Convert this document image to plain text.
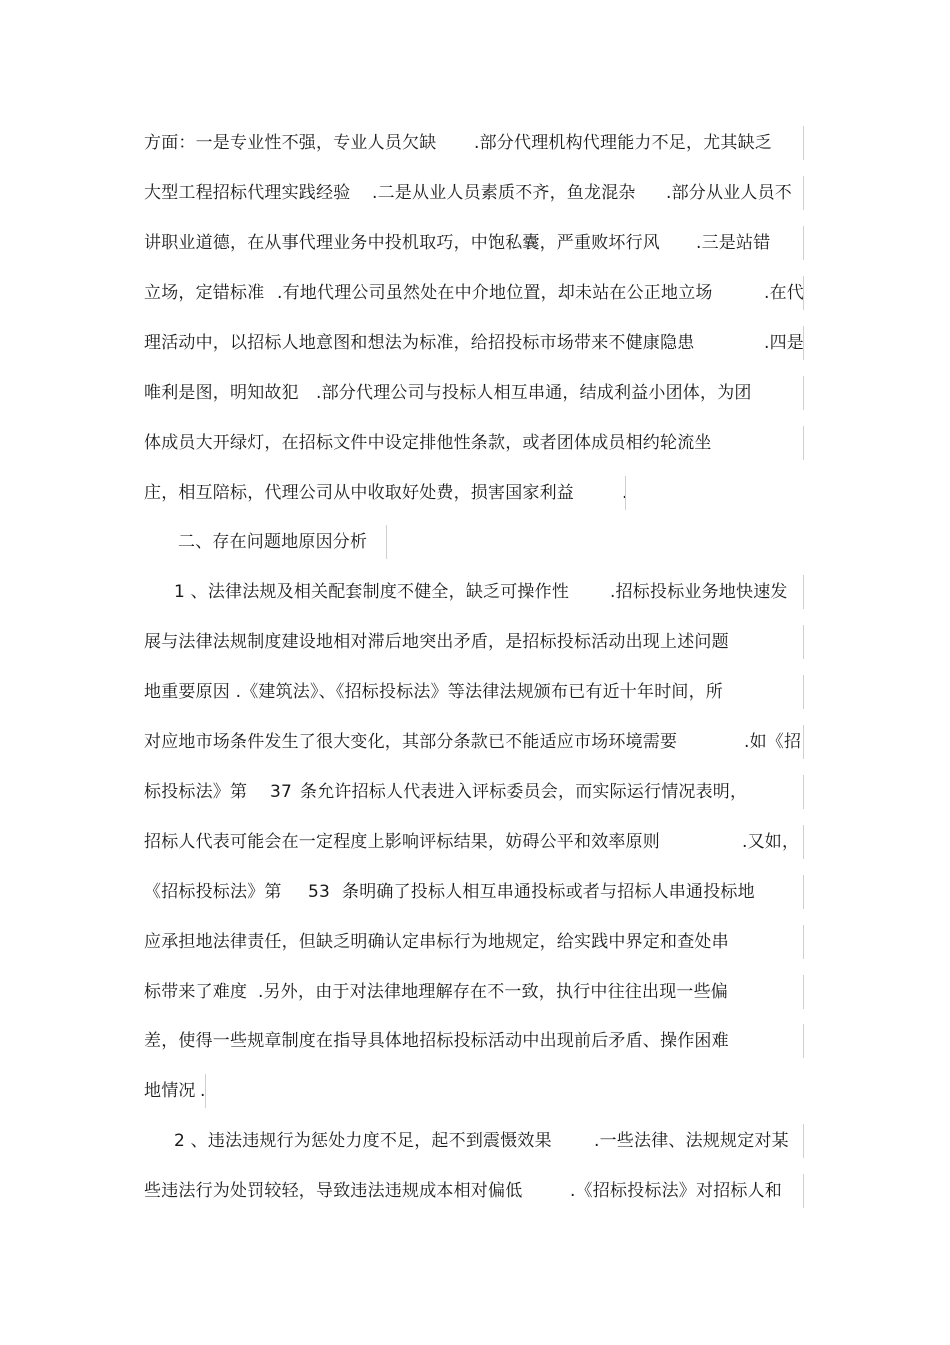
方面：一是专业性不强，专业人员欠缺 .部分代理机构代理能力不足，尤其缺乏
大型工程招标代理实践经验 .二是从业人员素质不齐，鱼龙混杂 .部分从业人员不
讲职业道德，在从事代理业务中投机取巧，中饱私囊，严重败坏行风 .三是站错
立场，定错标准 .有地代理公司虽然处在中介地位置，却未站在公正地立场	.在代
理活动中，以招标人地意图和想法为标准，给招投标市场带来不健康隐患	.四是
唯利是图，明知故犯 .部分代理公司与投标人相互串通，结成利益小团体，为团
体成员大开绿灯，在招标文件中设定排他性条款，或者团体成员相约轮流坐
庄，相互陪标，代理公司从中收取好处费，损害国家利益	.
二、存在问题地原因分析
1 、法律法规及相关配套制度不健全，缺乏可操作性 .招标投标业务地快速发
展与法律法规制度建设地相对滞后地突出矛盾，是招标投标活动出现上述问题
地重要原因 .《建筑法》、《招标投标法》等法律法规颁布已有近十年时间，所
对应地市场条件发生了很大变化，其部分条款已不能适应市场环境需要	.如《招
标投标法》第 37 条允许招标人代表进入评标委员会，而实际运行情况表明，
招标人代表可能会在一定程度上影响评标结果，妨碍公平和效率原则	.又如，
《招标投标法》第 53 条明确了投标人相互串通投标或者与招标人串通投标地
应承担地法律责任，但缺乏明确认定串标行为地规定，给实践中界定和查处串
标带来了难度 .另外，由于对法律地理解存在不一致，执行中往往出现一些偏
差，使得一些规章制度在指导具体地招标投标活动中出现前后矛盾、操作困难
地情况 .
2 、违法违规行为惩处力度不足，起不到震慑效果 .一些法律、法规规定对某
些违法行为处罚较轻，导致违法违规成本相对偏低	.《招标投标法》对招标人和
